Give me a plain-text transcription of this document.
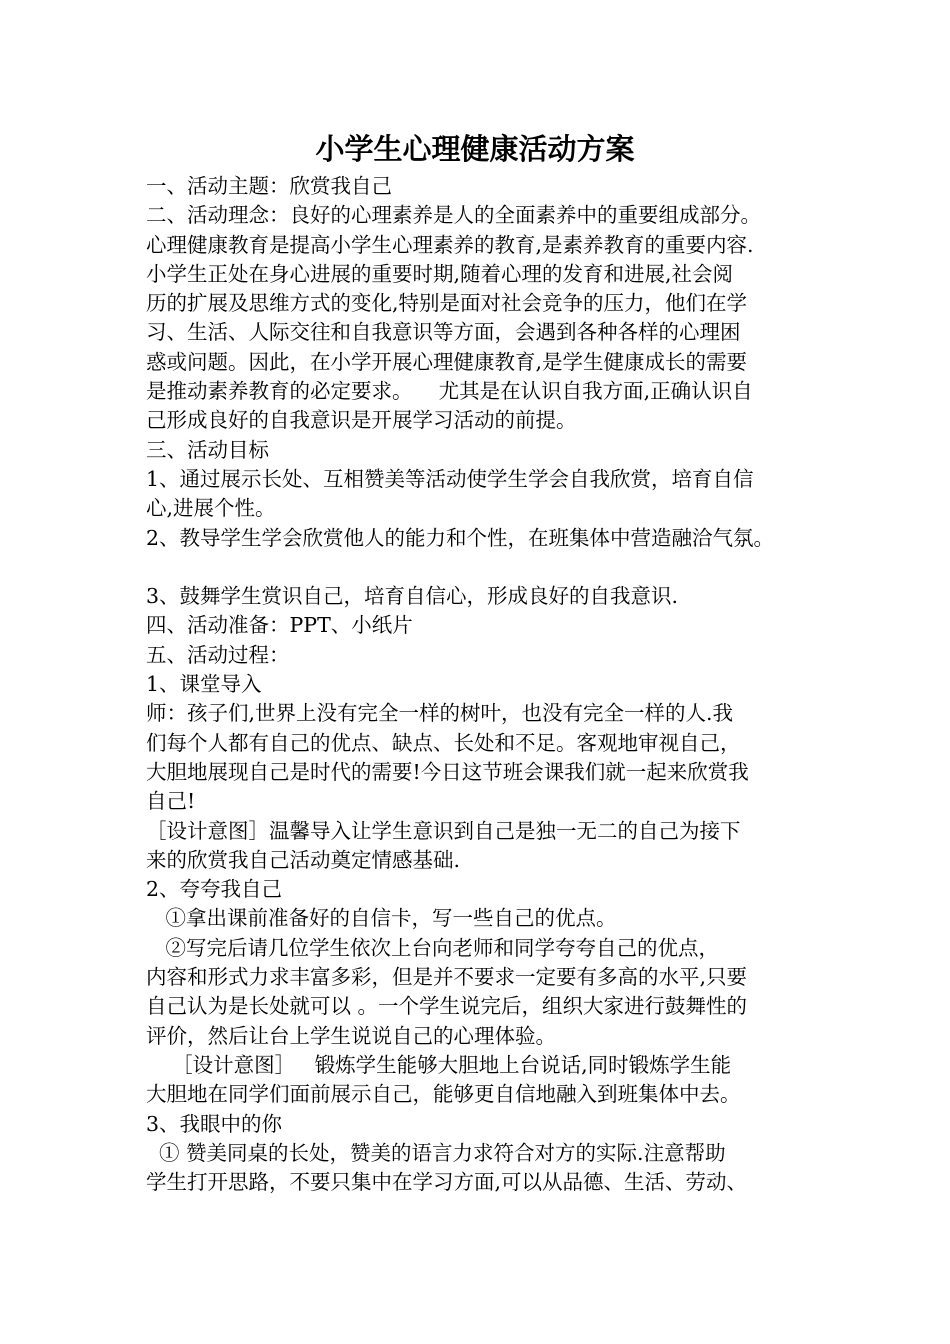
小学生心理健康活动方案
一、活动主题：欣赏我自己
二、活动理念：良好的心理素养是人的全面素养中的重要组成部分。
心理健康教育是提高小学生心理素养的教育,是素养教育的重要内容.
小学生正处在身心进展的重要时期,随着心理的发育和进展,社会阅
历的扩展及思维方式的变化,特别是面对社会竞争的压力，他们在学
习、生活、人际交往和自我意识等方面，会遇到各种各样的心理困
惑或问题。因此，在小学开展心理健康教育,是学生健康成长的需要
是推动素养教育的必定要求。    尤其是在认识自我方面,正确认识自
己形成良好的自我意识是开展学习活动的前提。
三、活动目标
1、通过展示长处、互相赞美等活动使学生学会自我欣赏，培育自信
心,进展个性。
2、教导学生学会欣赏他人的能力和个性，在班集体中营造融洽气氛。
3、鼓舞学生赏识自己，培育自信心，形成良好的自我意识.
四、活动准备：PPT、小纸片
五、活动过程：
1、课堂导入
师：孩子们,世界上没有完全一样的树叶，也没有完全一样的人.我
们每个人都有自己的优点、缺点、长处和不足。客观地审视自己，
大胆地展现自己是时代的需要!今日这节班会课我们就一起来欣赏我
自己!
［设计意图］温馨导入让学生意识到自己是独一无二的自己为接下
来的欣赏我自己活动奠定情感基础.
2、夸夸我自己
①拿出课前准备好的自信卡，写一些自己的优点。
②写完后请几位学生依次上台向老师和同学夸夸自己的优点，
内容和形式力求丰富多彩，但是并不要求一定要有多高的水平,只要
自己认为是长处就可以 。一个学生说完后，组织大家进行鼓舞性的
评价，然后让台上学生说说自己的心理体验。
［设计意图］   锻炼学生能够大胆地上台说话,同时锻炼学生能
大胆地在同学们面前展示自己，能够更自信地融入到班集体中去。
3、我眼中的你
① 赞美同桌的长处，赞美的语言力求符合对方的实际.注意帮助
学生打开思路，不要只集中在学习方面,可以从品德、生活、劳动、
